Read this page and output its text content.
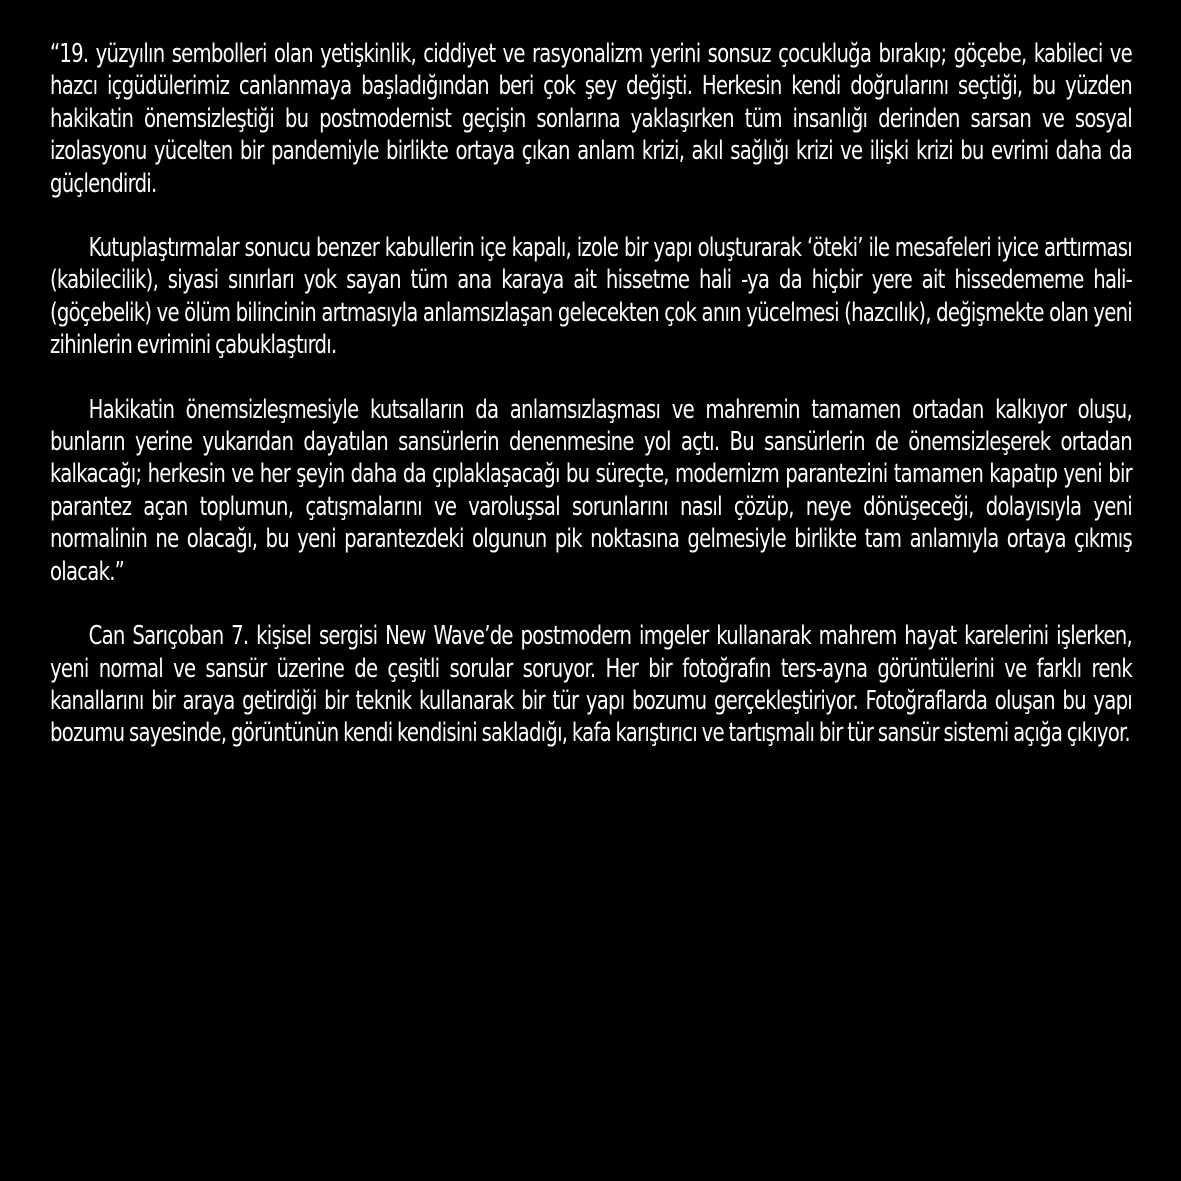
“19. yüzyılın sembolleri olan yetişkinlik, ciddiyet ve rasyonalizm yerini sonsuz çocukluğa bırakıp; göçebe, kabileci ve hazcı içgüdülerimiz canlanmaya başladığından beri çok şey değişti. Herkesin kendi doğrularını seçtiği, bu yüzden hakikatin önemsizleştiği bu postmodernist geçişin sonlarına yaklaşırken tüm insanlığı derinden sarsan ve sosyal izolasyonu yücelten bir pandemiyle birlikte ortaya çıkan anlam krizi, akıl sağlığı krizi ve ilişki krizi bu evrimi daha da güçlendirdi.

Kutuplaştırmalar sonucu benzer kabullerin içe kapalı, izole bir yapı oluşturarak ‘öteki’ ile mesafeleri iyice arttırması (kabilecilik), siyasi sınırları yok sayan tüm ana karaya ait hissetme hali -ya da hiçbir yere ait hissedememe hali- (göçebelik) ve ölüm bilincinin artmasıyla anlamsızlaşan gelecekten çok anın yücelmesi (hazcılık), değişmekte olan yeni zihinlerin evrimini çabuklaştırdı.

Hakikatin önemsizleşmesiyle kutsalların da anlamsızlaşması ve mahremin tamamen ortadan kalkıyor oluşu, bunların yerine yukarıdan dayatılan sansürlerin denenmesine yol açtı. Bu sansürlerin de önemsizleşerek ortadan kalkacağı; herkesin ve her şeyin daha da çıplaklaşacağı bu süreçte, modernizm parantezini tamamen kapatıp yeni bir parantez açan toplumun, çatışmalarını ve varoluşsal sorunlarını nasıl çözüp, neye dönüşeceği, dolayısıyla yeni normalinin ne olacağı, bu yeni parantezdeki olgunun pik noktasına gelmesiyle birlikte tam anlamıyla ortaya çıkmış olacak.”

Can Sarıçoban 7. kişisel sergisi New Wave’de postmodern imgeler kullanarak mahrem hayat karelerini işlerken, yeni normal ve sansür üzerine de çeşitli sorular soruyor. Her bir fotoğrafın ters-ayna görüntülerini ve farklı renk kanallarını bir araya getirdiği bir teknik kullanarak bir tür yapı bozumu gerçekleştiriyor. Fotoğraflarda oluşan bu yapı bozumu sayesinde, görüntünün kendi kendisini sakladığı, kafa karıştırıcı ve tartışmalı bir tür sansür sistemi açığa çıkıyor.
